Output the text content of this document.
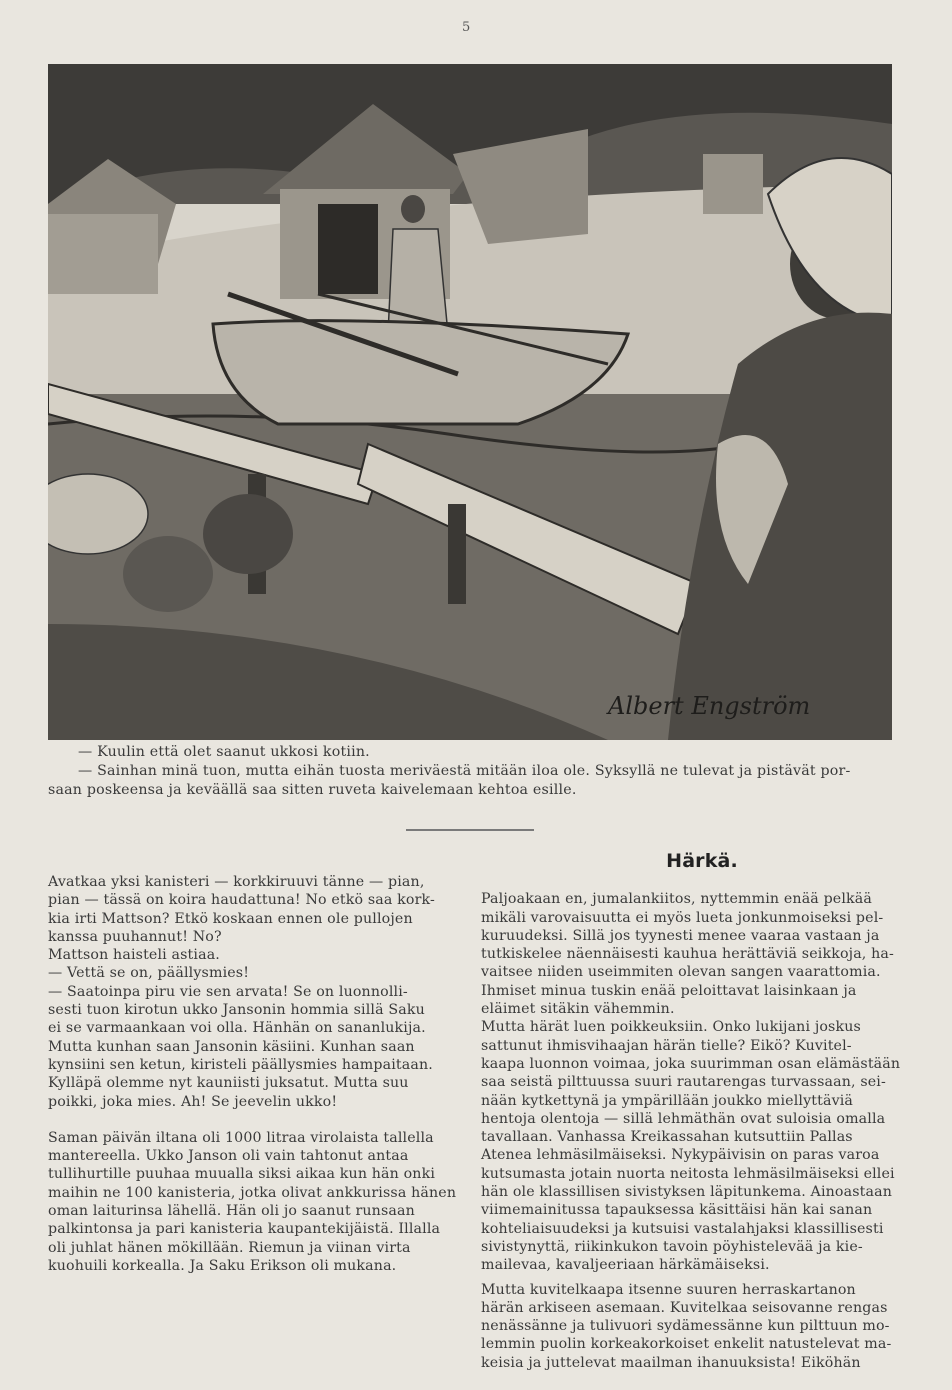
5
Albert Engström

— Kuulin että olet saanut ukkosi kotiin.

— Sainhan minä tuon, mutta eihän tuosta meriväestä mitään iloa ole. Syksyllä ne tulevat ja pistävät por-

saan poskeensa ja keväällä saa sitten ruveta kaivelemaan kehtoa esille.

Avatkaa yksi kanisteri — korkkiruuvi tänne — pian,

pian — tässä on koira haudattuna! No etkö saa kork-

kia irti Mattson? Etkö koskaan ennen ole pullojen

kanssa puuhannut! No?

Mattson haisteli astiaa.

— Vettä se on, päällysmies!

— Saatoinpa piru vie sen arvata! Se on luonnolli-

sesti tuon kirotun ukko Jansonin hommia sillä Saku

ei se varmaankaan voi olla. Hänhän on sananlukija.

Mutta kunhan saan Jansonin käsiini. Kunhan saan

kynsiini sen ketun, kiristeli päällysmies hampaitaan.

Kylläpä olemme nyt kauniisti juksatut. Mutta suu

poikki, joka mies. Ah! Se jeevelin ukko!

Saman päivän iltana oli 1000 litraa virolaista tallella

mantereella. Ukko Janson oli vain tahtonut antaa

tullihurtille puuhaa muualla siksi aikaa kun hän onki

maihin ne 100 kanisteria, jotka olivat ankkurissa hänen

oman laiturinsa lähellä. Hän oli jo saanut runsaan

palkintonsa ja pari kanisteria kaupantekijäistä. Illalla

oli juhlat hänen mökillään. Riemun ja viinan virta

kuohuili korkealla. Ja Saku Erikson oli mukana.

Härkä.

Paljoakaan en, jumalankiitos, nyttemmin enää pelkää

mikäli varovaisuutta ei myös lueta jonkunmoiseksi pel-

kuruudeksi. Sillä jos tyynesti menee vaaraa vastaan ja

tutkiskelee näennäisesti kauhua herättäviä seikkoja, ha-

vaitsee niiden useimmiten olevan sangen vaarattomia.

Ihmiset minua tuskin enää peloittavat laisinkaan ja

eläimet sitäkin vähemmin.

Mutta härät luen poikkeuksiin. Onko lukijani joskus

sattunut ihmisvihaajan härän tielle? Eikö? Kuvitel-

kaapa luonnon voimaa, joka suurimman osan elämästään

saa seistä pilttuussa suuri rautarengas turvassaan, sei-

nään kytkettynä ja ympärillään joukko miellyttäviä

hentoja olentoja — sillä lehmäthän ovat suloisia omalla

tavallaan. Vanhassa Kreikassahan kutsuttiin Pallas

Atenea lehmäsilmäiseksi. Nykypäivisin on paras varoa

kutsumasta jotain nuorta neitosta lehmäsilmäiseksi ellei

hän ole klassillisen sivistyksen läpitunkema. Ainoastaan

viimemainitussa tapauksessa käsittäisi hän kai sanan

kohteliaisuudeksi ja kutsuisi vastalahjaksi klassillisesti

sivistynyttä, riikinkukon tavoin pöyhistelevää ja kie-

mailevaa, kavaljeeriaan härkämäiseksi.

Mutta kuvitelkaapa itsenne suuren herraskartanon

härän arkiseen asemaan. Kuvitelkaa seisovanne rengas

nenässänne ja tulivuori sydämessänne kun pilttuun mo-

lemmin puolin korkeakorkoiset enkelit natustelevat ma-

keisia ja juttelevat maailman ihanuuksista! Eiköhän
